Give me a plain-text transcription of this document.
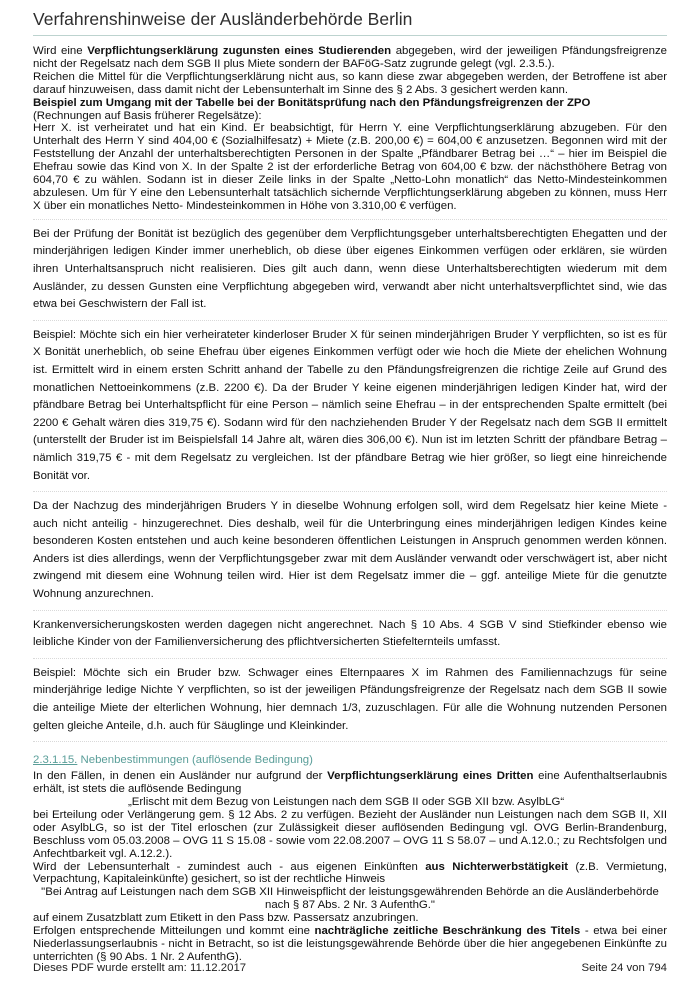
Verfahrenshinweise der Ausländerbehörde Berlin

Wird eine Verpflichtungserklärung zugunsten eines Studierenden abgegeben, wird der jeweiligen Pfändungsfreigrenze nicht der Regelsatz nach dem SGB II plus Miete sondern der BAFöG-Satz zugrunde gelegt (vgl. 2.3.5.).

Reichen die Mittel für die Verpflichtungserklärung nicht aus, so kann diese zwar abgegeben werden, der Betroffene ist aber darauf hinzuweisen, dass damit nicht der Lebensunterhalt im Sinne des § 2 Abs. 3 gesichert werden kann.

Beispiel zum Umgang mit der Tabelle bei der Bonitätsprüfung nach den Pfändungsfreigrenzen der ZPO

(Rechnungen auf Basis früherer Regelsätze):

Herr X. ist verheiratet und hat ein Kind. Er beabsichtigt, für Herrn Y. eine Verpflichtungserklärung abzugeben. Für den Unterhalt des Herrn Y sind 404,00 € (Sozialhilfesatz) + Miete (z.B. 200,00 €) = 604,00 € anzusetzen. Begonnen wird mit der Feststellung der Anzahl der unterhaltsberechtigten Personen in der Spalte „Pfändbarer Betrag bei …“ – hier im Beispiel die Ehefrau sowie das Kind von X. In der Spalte 2 ist der erforderliche Betrag von 604,00 € bzw. der nächsthöhere Betrag von 604,70 € zu wählen. Sodann ist in dieser Zeile links in der Spalte „Netto-Lohn monatlich“ das Netto-Mindesteinkommen abzulesen. Um für Y eine den Lebensunterhalt tatsächlich sichernde Verpflichtungserklärung abgeben zu können, muss Herr X über ein monatliches Netto- Mindesteinkommen in Höhe von 3.310,00 € verfügen.

Bei der Prüfung der Bonität ist bezüglich des gegenüber dem Verpflichtungsgeber unterhaltsberechtigten Ehegatten und der minderjährigen ledigen Kinder immer unerheblich, ob diese über eigenes Einkommen verfügen oder erklären, sie würden ihren Unterhaltsanspruch nicht realisieren. Dies gilt auch dann, wenn diese Unterhaltsberechtigten wiederum mit dem Ausländer, zu dessen Gunsten eine Verpflichtung abgegeben wird, verwandt aber nicht unterhaltsverpflichtet sind, wie das etwa bei Geschwistern der Fall ist.

Beispiel: Möchte sich ein hier verheirateter kinderloser Bruder X für seinen minderjährigen Bruder Y verpflichten, so ist es für X Bonität unerheblich, ob seine Ehefrau über eigenes Einkommen verfügt oder wie hoch die Miete der ehelichen Wohnung ist. Ermittelt wird in einem ersten Schritt anhand der Tabelle zu den Pfändungsfreigrenzen die richtige Zeile auf Grund des monatlichen Nettoeinkommens (z.B. 2200 €). Da der Bruder Y keine eigenen minderjährigen ledigen Kinder hat, wird der pfändbare Betrag bei Unterhaltspflicht für eine Person – nämlich seine Ehefrau – in der entsprechenden Spalte ermittelt (bei 2200 € Gehalt wären dies 319,75 €). Sodann wird für den nachziehenden Bruder Y der Regelsatz nach dem SGB II ermittelt (unterstellt der Bruder ist im Beispielsfall 14 Jahre alt, wären dies 306,00 €). Nun ist im letzten Schritt der pfändbare Betrag – nämlich 319,75 € - mit dem Regelsatz zu vergleichen. Ist der pfändbare Betrag wie hier größer, so liegt eine hinreichende Bonität vor.

Da der Nachzug des minderjährigen Bruders Y in dieselbe Wohnung erfolgen soll, wird dem Regelsatz hier keine Miete - auch nicht anteilig - hinzugerechnet. Dies deshalb, weil für die Unterbringung eines minderjährigen ledigen Kindes keine besonderen Kosten entstehen und auch keine besonderen öffentlichen Leistungen in Anspruch genommen werden können. Anders ist dies allerdings, wenn der Verpflichtungsgeber zwar mit dem Ausländer verwandt oder verschwägert ist, aber nicht zwingend mit diesem eine Wohnung teilen wird. Hier ist dem Regelsatz immer die – ggf. anteilige Miete für die genutzte Wohnung anzurechnen.

Krankenversicherungskosten werden dagegen nicht angerechnet. Nach § 10 Abs. 4 SGB V sind Stiefkinder ebenso wie leibliche Kinder von der Familienversicherung des pflichtversicherten Stiefelternteils umfasst.

Beispiel: Möchte sich ein Bruder bzw. Schwager eines Elternpaares X im Rahmen des Familiennachzugs für seine minderjährige ledige Nichte Y verpflichten, so ist der jeweiligen Pfändungsfreigrenze der Regelsatz nach dem SGB II sowie die anteilige Miete der elterlichen Wohnung, hier demnach 1/3, zuzuschlagen. Für alle die Wohnung nutzenden Personen gelten gleiche Anteile, d.h. auch für Säuglinge und Kleinkinder.

2.3.1.15. Nebenbestimmungen (auflösende Bedingung)

In den Fällen, in denen ein Ausländer nur aufgrund der Verpflichtungserklärung eines Dritten eine Aufenthaltserlaubnis erhält, ist stets die auflösende Bedingung

„Erlischt mit dem Bezug von Leistungen nach dem SGB II oder SGB XII bzw. AsylbLG“

bei Erteilung oder Verlängerung gem. § 12 Abs. 2 zu verfügen. Bezieht der Ausländer nun Leistungen nach dem SGB II, XII oder AsylbLG, so ist der Titel erloschen (zur Zulässigkeit dieser auflösenden Bedingung vgl. OVG Berlin-Brandenburg, Beschluss vom 05.03.2008 – OVG 11 S 15.08 - sowie vom 22.08.2007 – OVG 11 S 58.07 – und A.12.0.; zu Rechtsfolgen und Anfechtbarkeit vgl. A.12.2.).

Wird der Lebensunterhalt - zumindest auch - aus eigenen Einkünften aus Nichterwerbstätigkeit (z.B. Vermietung, Verpachtung, Kapitaleinkünfte) gesichert, so ist der rechtliche Hinweis

"Bei Antrag auf Leistungen nach dem SGB XII Hinweispflicht der leistungsgewährenden Behörde an die Ausländerbehörde nach § 87 Abs. 2 Nr. 3 AufenthG."

auf einem Zusatzblatt zum Etikett in den Pass bzw. Passersatz anzubringen.

Erfolgen entsprechende Mitteilungen und kommt eine nachträgliche zeitliche Beschränkung des Titels - etwa bei einer Niederlassungserlaubnis - nicht in Betracht, so ist die leistungsgewährende Behörde über die hier angegebenen Einkünfte zu unterrichten (§ 90 Abs. 1 Nr. 2 AufenthG).

Dieses PDF wurde erstellt am: 11.12.2017	Seite 24 von 794
